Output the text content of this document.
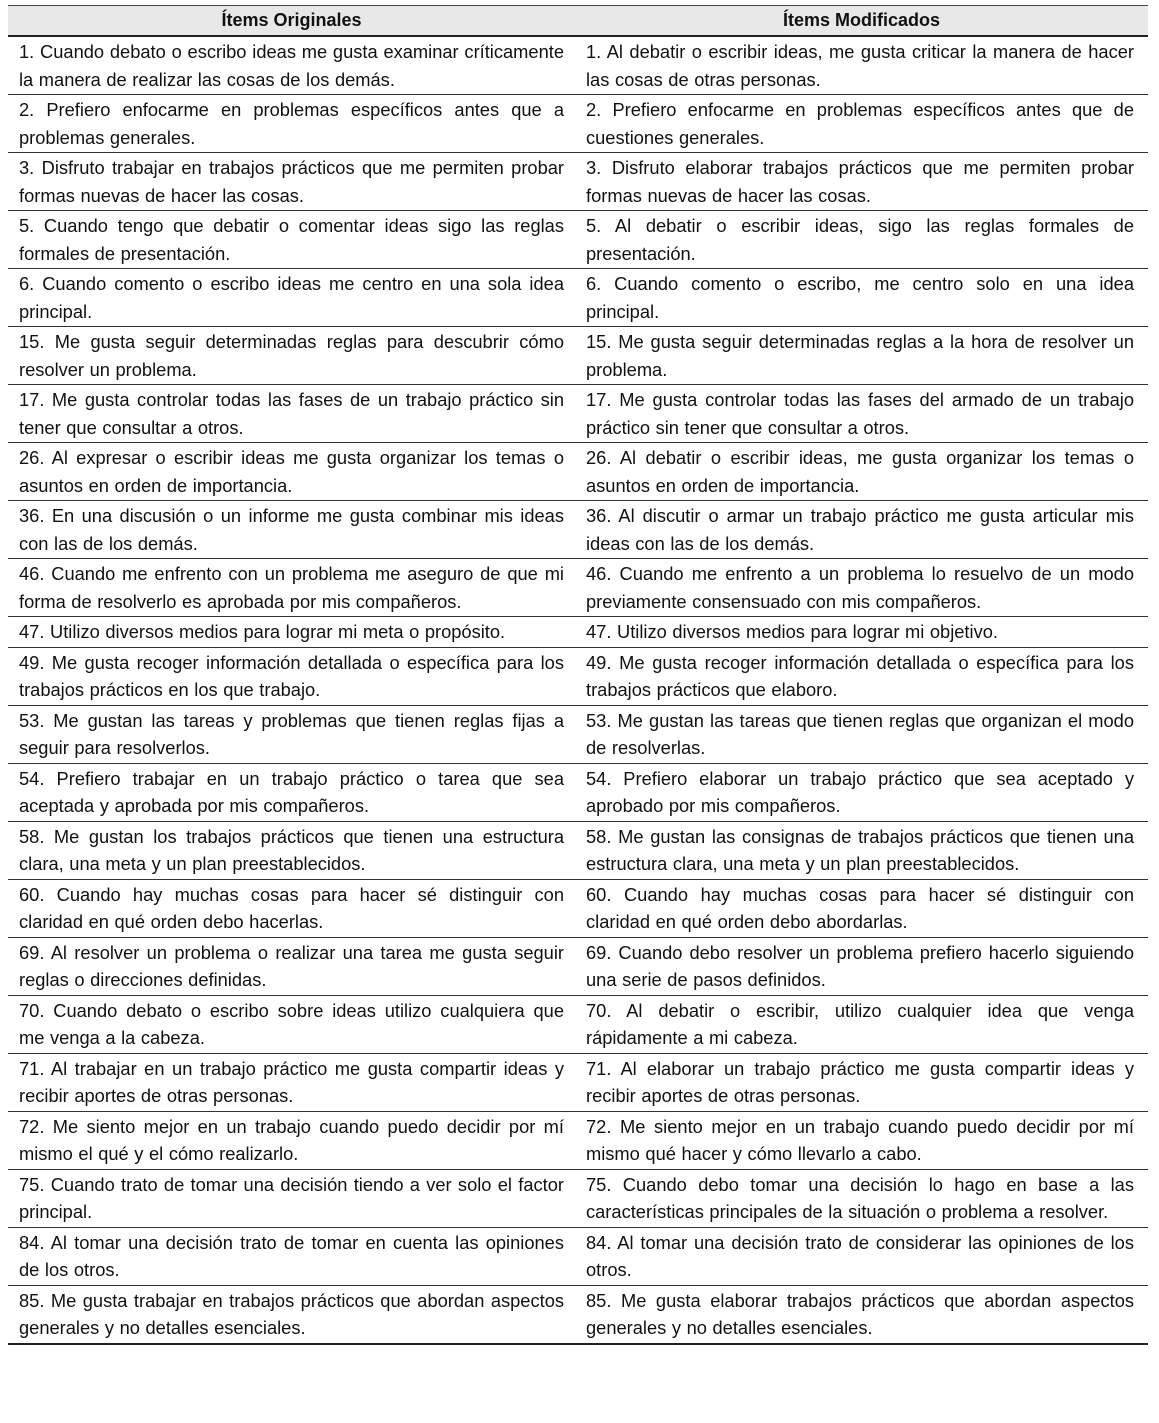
Ítems Originales	Ítems Modificados
1. Cuando debato o escribo ideas me gusta examinar críticamente la manera de realizar las cosas de los demás.	1. Al debatir o escribir ideas, me gusta criticar la manera de hacer las cosas de otras personas.
2. Prefiero enfocarme en problemas específicos antes que a problemas generales.	2. Prefiero enfocarme en problemas específicos antes que de cuestiones generales.
3. Disfruto trabajar en trabajos prácticos que me permiten probar formas nuevas de hacer las cosas.	3. Disfruto elaborar trabajos prácticos que me permiten probar formas nuevas de hacer las cosas.
5. Cuando tengo que debatir o comentar ideas sigo las reglas formales de presentación.	5. Al debatir o escribir ideas, sigo las reglas formales de presentación.
6. Cuando comento o escribo ideas me centro en una sola idea principal.	6. Cuando comento o escribo, me centro solo en una idea principal.
15. Me gusta seguir determinadas reglas para descubrir cómo resolver un problema.	15. Me gusta seguir determinadas reglas a la hora de resolver un problema.
17. Me gusta controlar todas las fases de un trabajo práctico sin tener que consultar a otros.	17. Me gusta controlar todas las fases del armado de un trabajo práctico sin tener que consultar a otros.
26. Al expresar o escribir ideas me gusta organizar los temas o asuntos en orden de importancia.	26. Al debatir o escribir ideas, me gusta organizar los temas o asuntos en orden de importancia.
36. En una discusión o un informe me gusta combinar mis ideas con las de los demás.	36. Al discutir o armar un trabajo práctico me gusta articular mis ideas con las de los demás.
46. Cuando me enfrento con un problema me aseguro de que mi forma de resolverlo es aprobada por mis compañeros.	46. Cuando me enfrento a un problema lo resuelvo de un modo previamente consensuado con mis compañeros.
47. Utilizo diversos medios para lograr mi meta o propósito.	47. Utilizo diversos medios para lograr mi objetivo.
49. Me gusta recoger información detallada o específica para los trabajos prácticos en los que trabajo.	49. Me gusta recoger información detallada o específica para los trabajos prácticos que elaboro.
53. Me gustan las tareas y problemas que tienen reglas fijas a seguir para resolverlos.	53. Me gustan las tareas que tienen reglas que organizan el modo de resolverlas.
54. Prefiero trabajar en un trabajo práctico o tarea que sea aceptada y aprobada por mis compañeros.	54. Prefiero elaborar un trabajo práctico que sea aceptado y aprobado por mis compañeros.
58. Me gustan los trabajos prácticos que tienen una estructura clara, una meta y un plan preestablecidos.	58. Me gustan las consignas de trabajos prácticos que tienen una estructura clara, una meta y un plan preestablecidos.
60. Cuando hay muchas cosas para hacer sé distinguir con claridad en qué orden debo hacerlas.	60. Cuando hay muchas cosas para hacer sé distinguir con claridad en qué orden debo abordarlas.
69. Al resolver un problema o realizar una tarea me gusta seguir reglas o direcciones definidas.	69. Cuando debo resolver un problema prefiero hacerlo siguiendo una serie de pasos definidos.
70. Cuando debato o escribo sobre ideas utilizo cualquiera que me venga a la cabeza.	70. Al debatir o escribir, utilizo cualquier idea que venga rápidamente a mi cabeza.
71. Al trabajar en un trabajo práctico me gusta compartir ideas y recibir aportes de otras personas.	71. Al elaborar un trabajo práctico me gusta compartir ideas y recibir aportes de otras personas.
72. Me siento mejor en un trabajo cuando puedo decidir por mí mismo el qué y el cómo realizarlo.	72. Me siento mejor en un trabajo cuando puedo decidir por mí mismo qué hacer y cómo llevarlo a cabo.
75. Cuando trato de tomar una decisión tiendo a ver solo el factor principal.	75. Cuando debo tomar una decisión lo hago en base a las características principales de la situación o problema a resolver.
84. Al tomar una decisión trato de tomar en cuenta las opiniones de los otros.	84. Al tomar una decisión trato de considerar las opiniones de los otros.
85. Me gusta trabajar en trabajos prácticos que abordan aspectos generales y no detalles esenciales.	85. Me gusta elaborar trabajos prácticos que abordan aspectos generales y no detalles esenciales.
